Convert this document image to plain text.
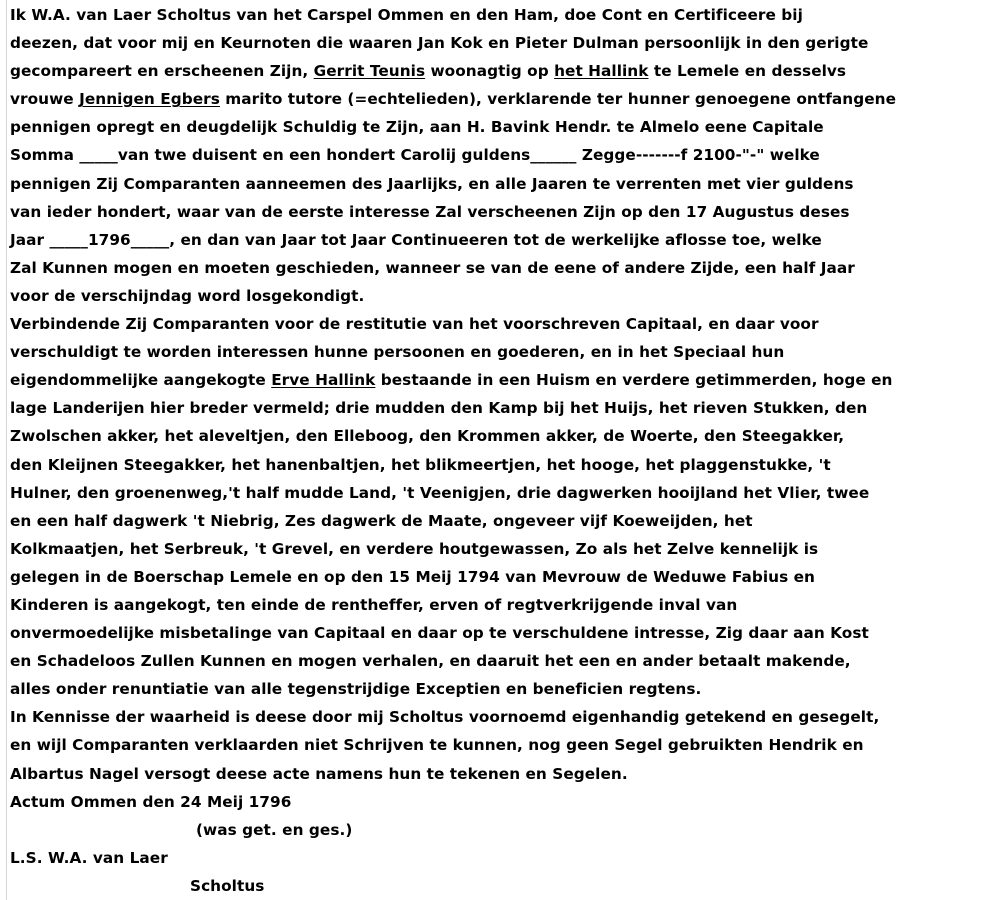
Ik W.A. van Laer Scholtus van het Carspel Ommen en den Ham, doe Cont en Certificeere bij
deezen, dat voor mij en Keurnoten die waaren Jan Kok en Pieter Dulman persoonlijk in den gerigte
gecompareert en erscheenen Zijn, Gerrit Teunis woonagtig op het Hallink te Lemele en desselvs
vrouwe Jennigen Egbers marito tutore (=echtelieden), verklarende ter hunner genoegene ontfangene
pennigen opregt en deugdelijk Schuldig te Zijn, aan H. Bavink Hendr. te Almelo eene Capitale
Somma _____van twe duisent en een hondert Carolij guldens______ Zegge-------f 2100-"-" welke
pennigen Zij Comparanten aanneemen des Jaarlijks, en alle Jaaren te verrenten met vier guldens
van ieder hondert, waar van de eerste interesse Zal verscheenen Zijn op den 17 Augustus deses
Jaar _____1796_____, en dan van Jaar tot Jaar Continueeren tot de werkelijke aflosse toe, welke
Zal Kunnen mogen en moeten geschieden, wanneer se van de eene of andere Zijde, een half Jaar
voor de verschijndag word losgekondigt.
Verbindende Zij Comparanten voor de restitutie van het voorschreven Capitaal, en daar voor
verschuldigt te worden interessen hunne persoonen en goederen, en in het Speciaal hun
eigendommelijke aangekogte Erve Hallink bestaande in een Huism en verdere getimmerden, hoge en
lage Landerijen hier breder vermeld; drie mudden den Kamp bij het Huijs, het rieven Stukken, den
Zwolschen akker, het aleveltjen, den Elleboog, den Krommen akker, de Woerte, den Steegakker,
den Kleijnen Steegakker, het hanenbaltjen, het blikmeertjen, het hooge, het plaggenstukke, 't
Hulner, den groenenweg,'t half mudde Land, 't Veenigjen, drie dagwerken hooijland het Vlier, twee
en een half dagwerk 't Niebrig, Zes dagwerk de Maate, ongeveer vijf Koeweijden, het
Kolkmaatjen, het Serbreuk, 't Grevel, en verdere houtgewassen, Zo als het Zelve kennelijk is
gelegen in de Boerschap Lemele en op den 15 Meij 1794 van Mevrouw de Weduwe Fabius en
Kinderen is aangekogt, ten einde de rentheffer, erven of regtverkrijgende inval van
onvermoedelijke misbetalinge van Capitaal en daar op te verschuldene intresse, Zig daar aan Kost
en Schadeloos Zullen Kunnen en mogen verhalen, en daaruit het een en ander betaalt makende,
alles onder renuntiatie van alle tegenstrijdige Exceptien en beneficien regtens.
In Kennisse der waarheid is deese door mij Scholtus voornoemd eigenhandig getekend en gesegelt,
en wijl Comparanten verklaarden niet Schrijven te kunnen, nog geen Segel gebruikten Hendrik en
Albartus Nagel versogt deese acte namens hun te tekenen en Segelen.
Actum Ommen den 24 Meij 1796
(was get. en ges.)
L.S. W.A. van Laer
Scholtus
